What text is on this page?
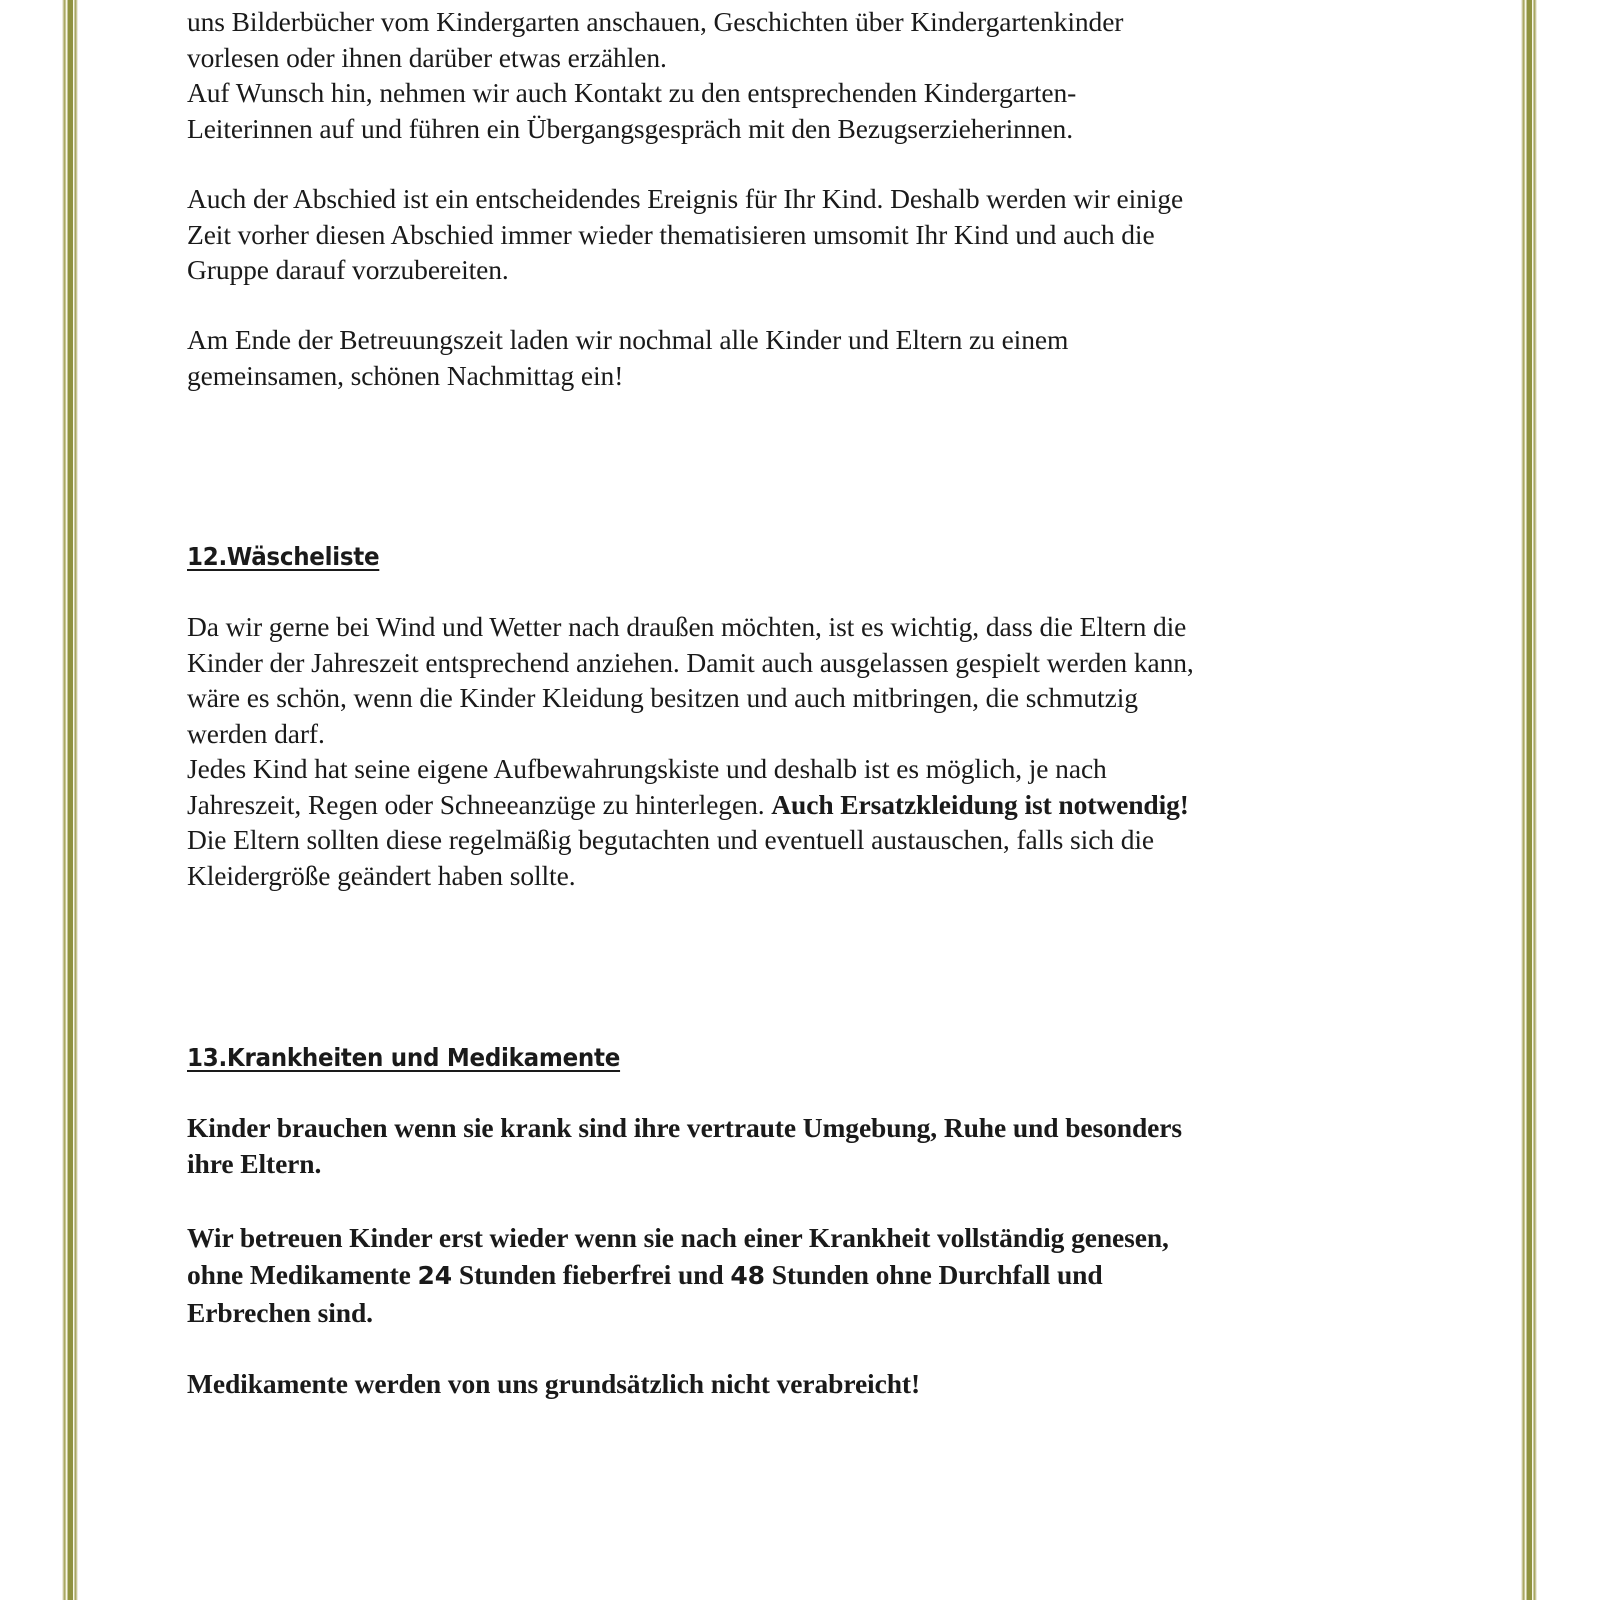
uns Bilderbücher vom Kindergarten anschauen, Geschichten über Kindergartenkinder

vorlesen oder ihnen darüber etwas erzählen.

Auf Wunsch hin, nehmen wir auch Kontakt zu den entsprechenden Kindergarten-

Leiterinnen auf und führen ein Übergangsgespräch mit den Bezugserzieherinnen.

Auch der Abschied ist ein entscheidendes Ereignis für Ihr Kind. Deshalb werden wir einige

Zeit vorher diesen Abschied immer wieder thematisieren umsomit Ihr Kind und auch die

Gruppe darauf vorzubereiten.

Am Ende der Betreuungszeit laden wir nochmal alle Kinder und Eltern zu einem

gemeinsamen, schönen Nachmittag ein!

12.Wäscheliste

Da wir gerne bei Wind und Wetter nach draußen möchten, ist es wichtig, dass die Eltern die

Kinder der Jahreszeit entsprechend anziehen. Damit auch ausgelassen gespielt werden kann,

wäre es schön, wenn die Kinder Kleidung besitzen und auch mitbringen, die schmutzig

werden darf.

Jedes Kind hat seine eigene Aufbewahrungskiste und deshalb ist es möglich, je nach

Jahreszeit, Regen oder Schneeanzüge zu hinterlegen. Auch Ersatzkleidung ist notwendig!

Die Eltern sollten diese regelmäßig begutachten und eventuell austauschen, falls sich die

Kleidergröße geändert haben sollte.

13.Krankheiten und Medikamente

Kinder brauchen wenn sie krank sind ihre vertraute Umgebung, Ruhe und besonders

ihre Eltern.

Wir betreuen Kinder erst wieder wenn sie nach einer Krankheit vollständig genesen,

ohne Medikamente 24 Stunden fieberfrei und 48 Stunden ohne Durchfall und

Erbrechen sind.

Medikamente werden von uns grundsätzlich nicht verabreicht!
